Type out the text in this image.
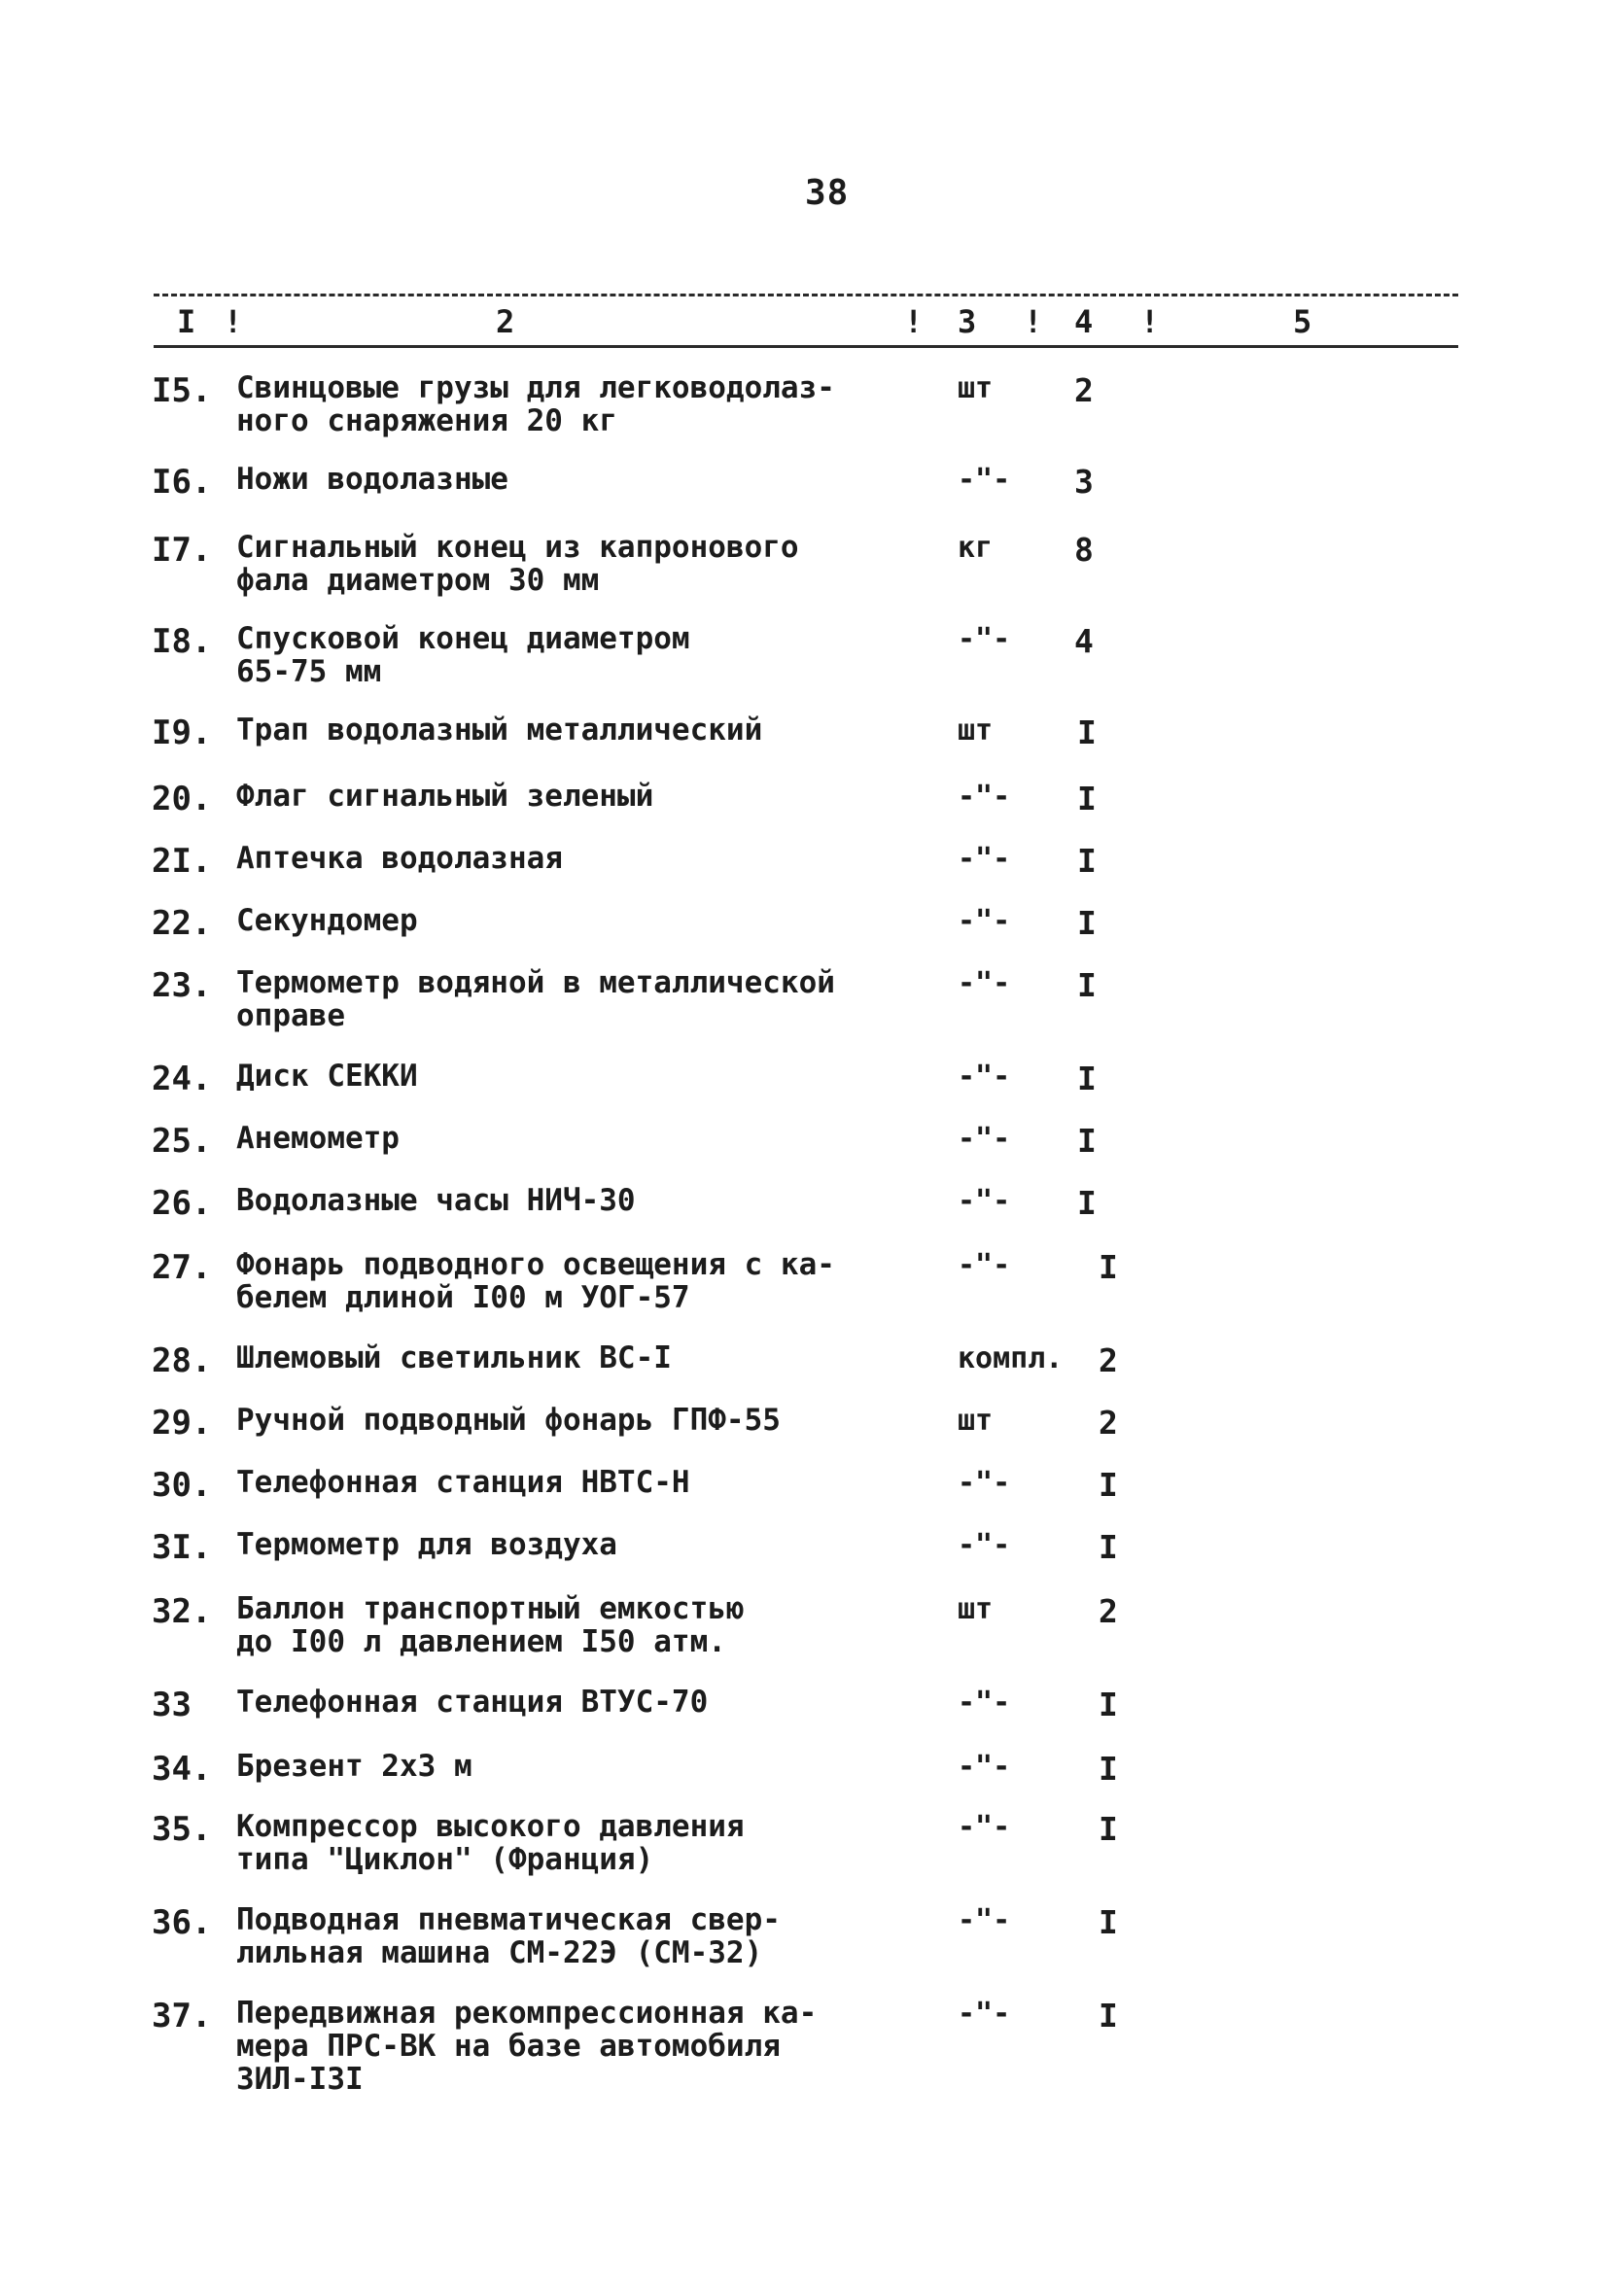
38
I !	2	! 3 ! 4 !	5
I5. Свинцовые грузы для легководолаз-
ного снаряжения 20 кг
шт	2
I6. Ножи водолазные	-"-	3
I7. Сигнальный конец из капронового
фала диаметром 30 мм
кг	8
I8. Спусковой конец диаметром
65-75 мм
-"-	4
I9. Трап водолазный металлический	шт	I
20. Флаг сигнальный зеленый	-"-	I
2I. Аптечка водолазная	-"-	I
22. Секундомер	-"-	I
23. Термометр водяной в металлической
оправе
-"-	I
24. Диск СЕККИ	-"-	I
25. Анемометр	-"-	I
26. Водолазные часы НИЧ-30	-"-	I
27. Фонарь подводного освещения с ка-
белем длиной I00 м УОГ-57
-"-	I
28. Шлемовый светильник ВС-I	компл.	2
29. Ручной подводный фонарь ГПФ-55	шт	2
30. Телефонная станция НВТС-Н	-"-	I
3I. Термометр для воздуха	-"-	I
32. Баллон транспортный емкостью
до I00 л давлением I50 атм.
шт	2
33	Телефонная станция ВТУС-70	-"-	I
34. Брезент 2х3 м	-"-	I
35. Компрессор высокого давления
типа "Циклон" (Франция)
-"-	I
36. Подводная пневматическая свер-
лильная машина СМ-22Э (СМ-32)
-"-	I
37. Передвижная рекомпрессионная ка-
мера ПРС-ВК на базе автомобиля
ЗИЛ-I3I
-"-	I
